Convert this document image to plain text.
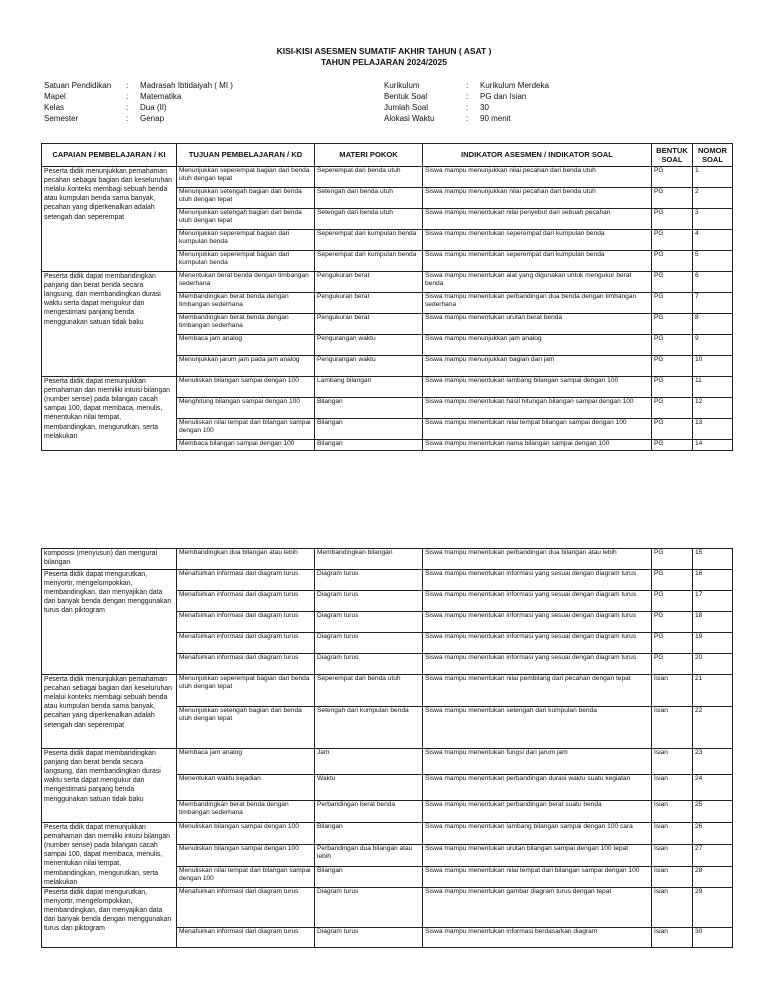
KISI-KISI ASESMEN SUMATIF AKHIR TAHUN ( ASAT )
TAHUN PELAJARAN 2024/2025
Satuan Pendidikan	:	Madrasah Ibtidaiyah ( MI )
Mapel	:	Matematika
Kelas	:	Dua (II)
Semester	:	Genap
Kurikulum	:	Kurikulum Merdeka
Bentuk Soal	:	PG dan Isian
Jumlah Soal	:	30
Alokasi Waktu	:	90 menit
CAPAIAN PEMBELAJARAN / KI	TUJUAN PEMBELAJARAN / KD	MATERI POKOK	INDIKATOR ASESMEN / INDIKATOR SOAL	BENTUK SOAL	NOMOR SOAL
Peserta didik menunjukkan pemahaman pecahan sebagai bagian dari keseluruhan melalui konteks membagi sebuah benda atau kumpulan benda sama banyak, pecahan yang diperkenalkan adalah setengah dan seperempat	Menunjukkan seperempat bagian dari benda utuh dengan tepat	Seperempat dari benda utuh	Siswa mampu menunjukkan nilai pecahan dari benda utuh	PG	1
	Menunjukkan setengah bagian dari benda utuh dengan tepat	Setengah dari benda utuh	Siswa mampu menunjukkan nilai pecahan dari benda utuh	PG	2
	Menunjukkan setengah bagian dari benda utuh dengan tepat	Setengah dari benda utuh	Siswa mampu menentukan nilai penyebut dari sebuah pecahan	PG	3
	Menunjukkan seperempat bagian dari kumpulan benda	Seperempat dari kumpulan benda	Siswa mampu menentukan seperempat dari kumpulan benda	PG	4
	Menunjukkan seperempat bagian dari kumpulan benda	Seperempat dari kumpulan benda	Siswa mampu menentukan seperempat dari kumpulan benda	PG	5
Peserta didik dapat membandingkan panjang dan berat benda secara langsung, dan membandingkan durasi waktu serta dapat mengukur dan mengestimasi panjang benda menggunakan satuan tidak baku	Menentukan berat benda dengan timbangan sederhana	Pengukuran berat	Siswa mampu menentukan alat yang digunakan untuk mengukur berat benda	PG	6
	Membandingkan berat benda dengan timbangan sederhana	Pengukuran berat	Siswa mampu menentukan perbandingan dua benda dengan timbangan sederhana	PG	7
	Membandingkan berat benda dengan timbangan sederhana	Pengukuran berat	Siswa mampu menentukan urutan berat benda	PG	8
	Membaca jam analog	Pengurangan waktu	Siswa mampu menunjukkan jam analog	PG	9
	Menunjukkan jarum jam pada jam analog	Pengurangan waktu	Siswa mampu menunjukkan bagian dari jam	PG	10
Peserta didik dapat menunjukkan pemahaman dan memiliki intuisi bilangan (number sense) pada bilangan cacah sampai 100, dapat membaca, menulis, menentukan nilai tempat, membandingkan, mengurutkan, serta melakukan	Menuliskan bilangan sampai dengan 100	Lambang bilangan	Siswa mampu menentukan lambang bilangan sampai dengan 100	PG	11
	Menghitung bilangan sampai dengan 100	Bilangan	Siswa mampu menentukan hasil hitungan bilangan sampai dengan 100	PG	12
	Menuliskan nilai tempat dari bilangan sampai dengan 100	Bilangan	Siswa mampu menentukan nilai tempat bilangan sampai dengan 100	PG	13
	Membaca bilangan sampai dengan 100	Bilangan	Siswa mampu menentukan nama bilangan sampai dengan 100	PG	14
komposisi (menyusun) dan mengurai bilangan	Membandingkan dua bilangan atau lebih	Membandingkan bilangan	Siswa mampu menentukan perbandingan dua bilangan atau lebih	PG	15
Peserta didik dapat mengurutkan, menyortir, mengelompokkan, membandingkan, dan menyajikan data dari banyak benda dengan menggunakan turus dan piktogram	Menafsirkan informasi dari diagram turus	Diagram turus	Siswa mampu menentukan informasi yang sesuai dengan diagram turus	PG	16
	Menafsirkan informasi dari diagram turus	Diagram turus	Siswa mampu menentukan informasi yang sesuai dengan diagram turus	PG	17
	Menafsirkan informasi dari diagram turus	Diagram turus	Siswa mampu menentukan informasi yang sesuai dengan diagram turus	PG	18
	Menafsirkan informasi dari diagram turus	Diagram turus	Siswa mampu menentukan informasi yang sesuai dengan diagram turus	PG	19
	Menafsirkan informasi dari diagram turus	Diagram turus	Siswa mampu menentukan informasi yang sesuai dengan diagram turus	PG	20
Peserta didik menunjukkan pemahaman pecahan sebagai bagian dari keseluruhan melalui konteks membagi sebuah benda atau kumpulan benda sama banyak, pecahan yang diperkenalkan adalah setengah dan seperempat	Menunjukkan seperempat bagian dari benda utuh dengan tepat	Seperempat dari benda utuh	Siswa mampu menentukan nilai pembilang dari pecahan dengan tepat	Isian	21
	Menunjukkan setengah bagian dari benda utuh dengan tepat	Setengah dari kumpulan benda	Siswa mampu menentukan setengah dari kumpulan benda	Isian	22
Peserta didik dapat membandingkan panjang dan berat benda secara langsung, dan membandingkan durasi waktu serta dapat mengukur dan mengestimasi panjang benda menggunakan satuan tidak baku	Membaca jam analog	Jam	Siswa mampu menentukan fungsi dari jarum jam	Isian	23
	Menentukan waktu kejadian	Waktu	Siswa mampu menentukan perbandingan durasi waktu suatu kegiatan	Isian	24
	Membandingkan berat benda dengan timbangan sederhana	Perbandingan berat benda	Siswa mampu menentukan perbandingan berat suatu benda	Isian	25
Peserta didik dapat menunjukkan pemahaman dan memiliki intuisi bilangan (number sense) pada bilangan cacah sampai 100, dapat membaca, menulis, menentukan nilai tempat, membandingkan, mengurutkan, serta melakukan	Menuliskan bilangan sampai dengan 100	Bilangan	Siswa mampu menentukan lambang bilangan sampai dengan 100 cara	Isian	26
	Menuliskan bilangan sampai dengan 100	Perbandingan dua bilangan atau lebih	Siswa mampu menentukan urutan bilangan sampai dengan 100 tepat	Isian	27
	Menuliskan nilai tempat dari bilangan sampai dengan 100	Bilangan	Siswa mampu menentukan nilai tempat dari bilangan sampai dengan 100	Isian	28
Peserta didik dapat mengurutkan, menyortir, mengelompokkan, membandingkan, dan menyajikan data dari banyak benda dengan menggunakan turus dan piktogram	Menafsirkan informasi dari diagram turus	Diagram turus	Siswa mampu menentukan gambar diagram turus dengan tepat	Isian	29
	Menafsirkan informasi dari diagram turus	Diagram turus	Siswa mampu menentukan informasi berdasarkan diagram	Isian	30
